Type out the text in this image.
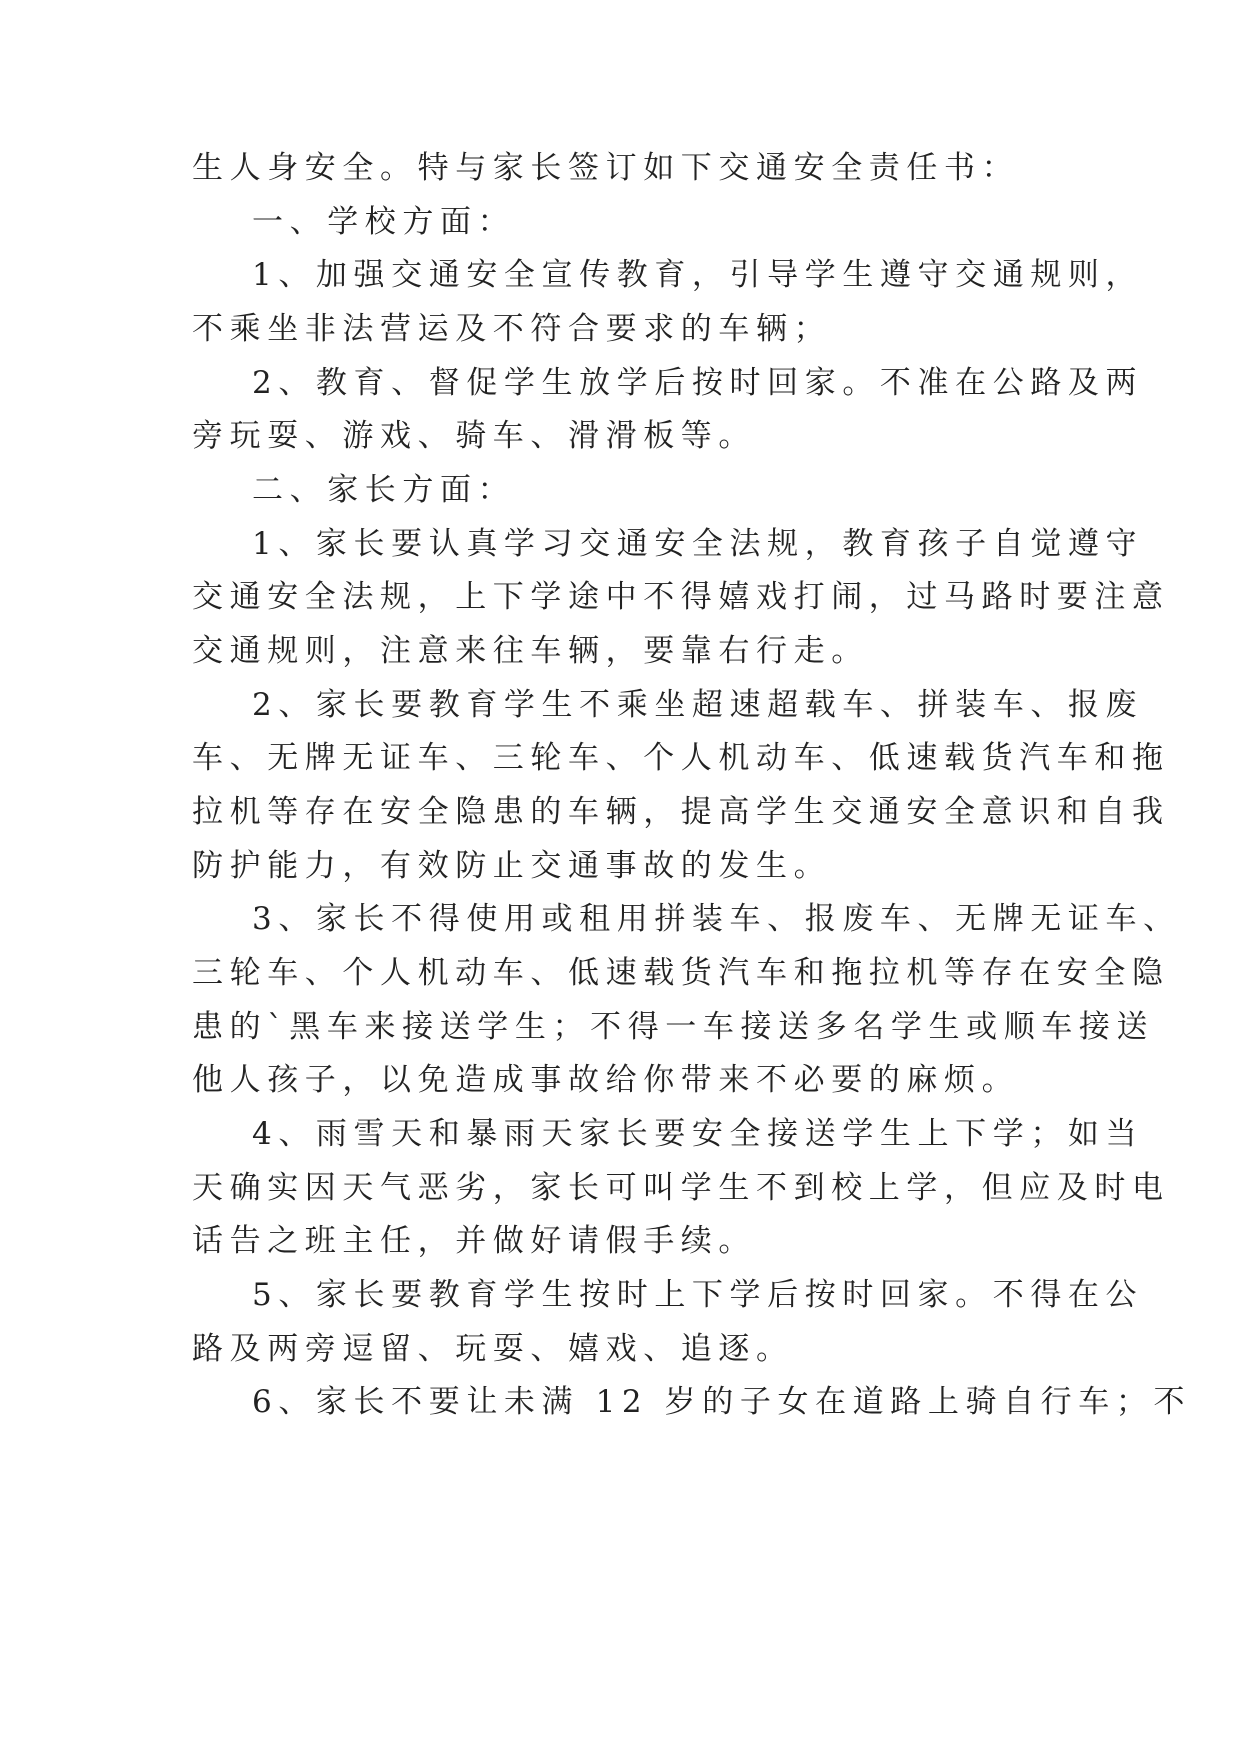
生人身安全。特与家长签订如下交通安全责任书：
一、学校方面：
1、加强交通安全宣传教育，引导学生遵守交通规则，
不乘坐非法营运及不符合要求的车辆；
2、教育、督促学生放学后按时回家。不准在公路及两
旁玩耍、游戏、骑车、滑滑板等。
二、家长方面：
1、家长要认真学习交通安全法规，教育孩子自觉遵守
交通安全法规，上下学途中不得嬉戏打闹，过马路时要注意
交通规则，注意来往车辆，要靠右行走。
2、家长要教育学生不乘坐超速超载车、拼装车、报废
车、无牌无证车、三轮车、个人机动车、低速载货汽车和拖
拉机等存在安全隐患的车辆，提高学生交通安全意识和自我
防护能力，有效防止交通事故的发生。
3、家长不得使用或租用拼装车、报废车、无牌无证车、
三轮车、个人机动车、低速载货汽车和拖拉机等存在安全隐
患的`黑车来接送学生；不得一车接送多名学生或顺车接送
他人孩子，以免造成事故给你带来不必要的麻烦。
4、雨雪天和暴雨天家长要安全接送学生上下学；如当
天确实因天气恶劣，家长可叫学生不到校上学，但应及时电
话告之班主任，并做好请假手续。
5、家长要教育学生按时上下学后按时回家。不得在公
路及两旁逗留、玩耍、嬉戏、追逐。
6、家长不要让未满 12 岁的子女在道路上骑自行车；不
